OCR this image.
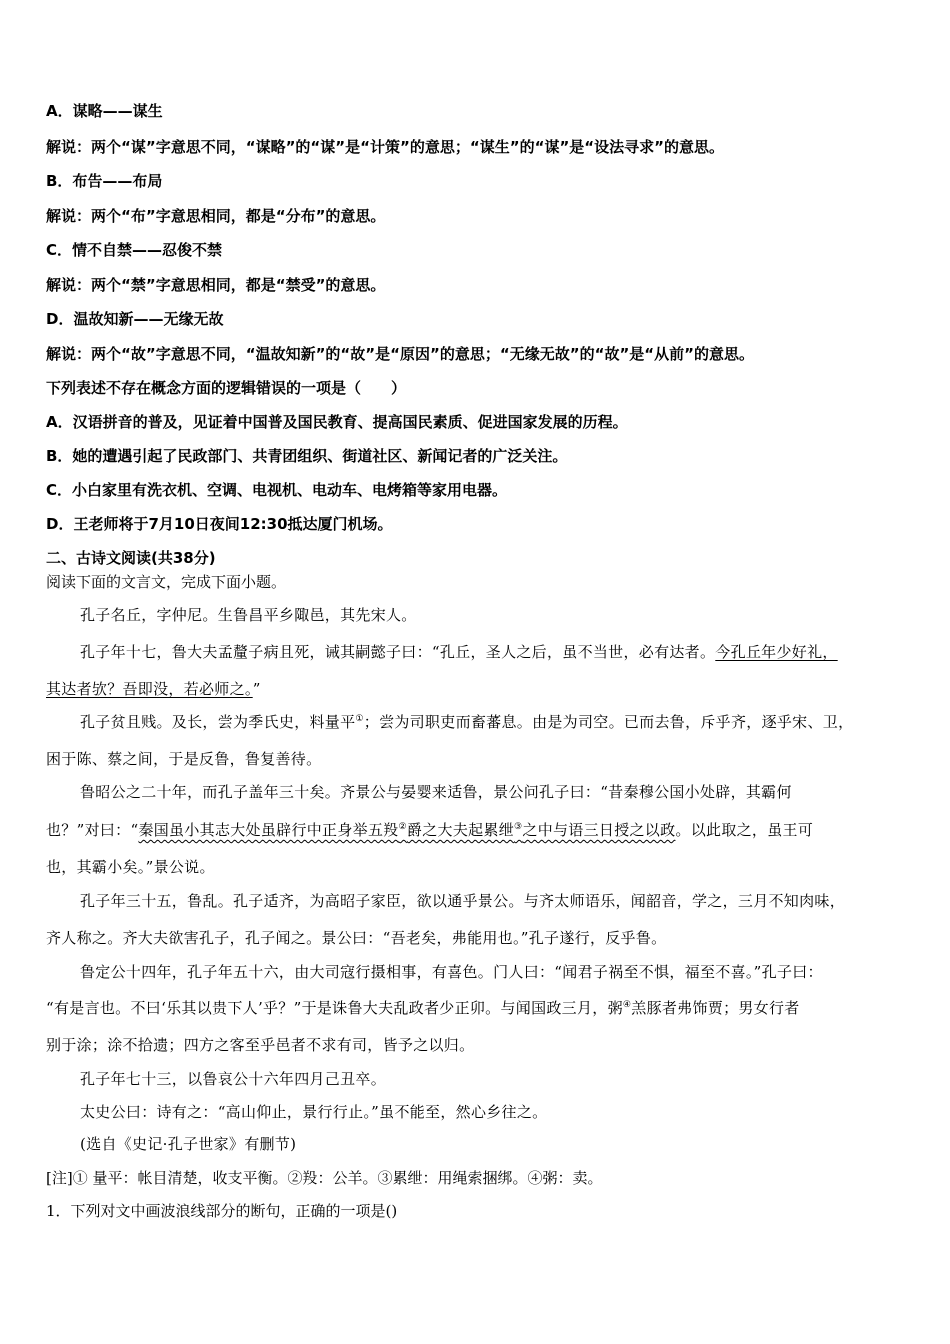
A．谋略——谋生
解说：两个“谋”字意思不同，“谋略”的“谋”是“计策”的意思；“谋生”的“谋”是“设法寻求”的意思。
B．布告——布局
解说：两个“布”字意思相同，都是“分布”的意思。
C．情不自禁——忍俊不禁
解说：两个“禁”字意思相同，都是“禁受”的意思。
D．温故知新——无缘无故
解说：两个“故”字意思不同，“温故知新”的“故”是“原因”的意思；“无缘无故”的“故”是“从前”的意思。
下列表述不存在概念方面的逻辑错误的一项是（　　）
A．汉语拼音的普及，见证着中国普及国民教育、提高国民素质、促进国家发展的历程。
B．她的遭遇引起了民政部门、共青团组织、街道社区、新闻记者的广泛关注。
C．小白家里有洗衣机、空调、电视机、电动车、电烤箱等家用电器。
D．王老师将于7月10日夜间12:30抵达厦门机场。
二、古诗文阅读(共38分)
阅读下面的文言文，完成下面小题。
孔子名丘，字仲尼。生鲁昌平乡陬邑，其先宋人。
孔子年十七，鲁大夫孟釐子病且死，诫其嗣懿子曰：“孔丘，圣人之后，虽不当世，必有达者。今孔丘年少好礼，
其达者欤？吾即没，若必师之。”
孔子贫且贱。及长，尝为季氏史，料量平①；尝为司职吏而畜蕃息。由是为司空。已而去鲁，斥乎齐，逐乎宋、卫，
困于陈、蔡之间，于是反鲁，鲁复善待。
鲁昭公之二十年，而孔子盖年三十矣。齐景公与晏婴来适鲁，景公问孔子曰：“昔秦穆公国小处辟，其霸何
也？”对曰：“秦国虽小其志大处虽辟行中正身举五羖②爵之大夫起累绁③之中与语三日授之以政。以此取之，虽王可
也，其霸小矣。”景公说。
孔子年三十五，鲁乱。孔子适齐，为高昭子家臣，欲以通乎景公。与齐太师语乐，闻韶音，学之，三月不知肉味，
齐人称之。齐大夫欲害孔子，孔子闻之。景公曰：“吾老矣，弗能用也。”孔子遂行，反乎鲁。
鲁定公十四年，孔子年五十六，由大司寇行摄相事，有喜色。门人曰：“闻君子祸至不惧，福至不喜。”孔子曰：
“有是言也。不曰‘乐其以贵下人’乎？”于是诛鲁大夫乱政者少正卯。与闻国政三月，粥④羔豚者弗饰贾；男女行者
别于涂；涂不拾遗；四方之客至乎邑者不求有司，皆予之以归。
孔子年七十三，以鲁哀公十六年四月己丑卒。
太史公曰：诗有之：“高山仰止，景行行止。”虽不能至，然心乡往之。
(选自《史记·孔子世家》有删节)
[注]① 量平：帐目清楚，收支平衡。②羖：公羊。③累绁：用绳索捆绑。④粥：卖。
1．下列对文中画波浪线部分的断句，正确的一项是()
